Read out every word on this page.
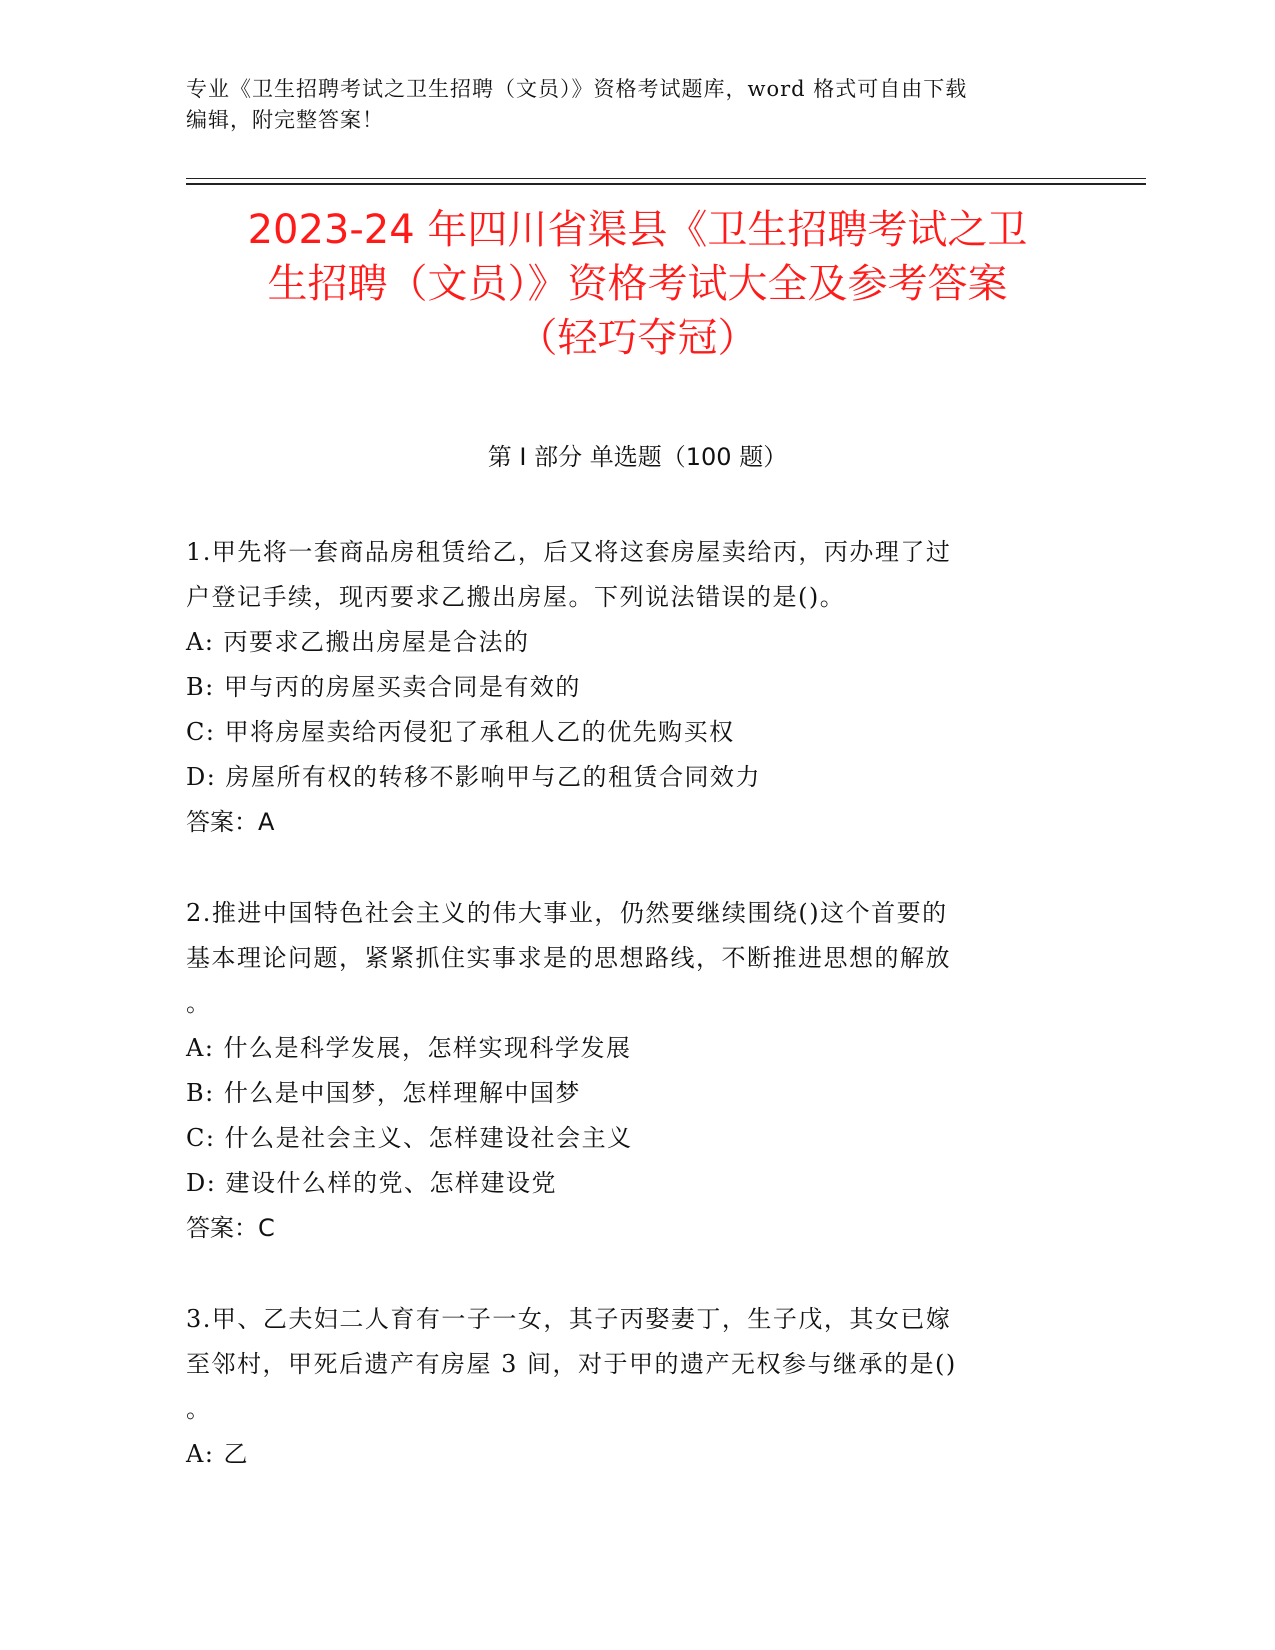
专业《卫生招聘考试之卫生招聘（文员）》资格考试题库，word 格式可自由下载
编辑，附完整答案！
2023-24 年四川省渠县《卫生招聘考试之卫
生招聘（文员）》资格考试大全及参考答案
（轻巧夺冠）
第 I 部分 单选题（100 题）
1.甲先将一套商品房租赁给乙，后又将这套房屋卖给丙，丙办理了过
户登记手续，现丙要求乙搬出房屋。下列说法错误的是()。
A: 丙要求乙搬出房屋是合法的
B: 甲与丙的房屋买卖合同是有效的
C: 甲将房屋卖给丙侵犯了承租人乙的优先购买权
D: 房屋所有权的转移不影响甲与乙的租赁合同效力
答案：A
2.推进中国特色社会主义的伟大事业，仍然要继续围绕()这个首要的
基本理论问题，紧紧抓住实事求是的思想路线，不断推进思想的解放
。
A: 什么是科学发展，怎样实现科学发展
B: 什么是中国梦，怎样理解中国梦
C: 什么是社会主义、怎样建设社会主义
D: 建设什么样的党、怎样建设党
答案：C
3.甲、乙夫妇二人育有一子一女，其子丙娶妻丁，生子戊，其女已嫁
至邻村，甲死后遗产有房屋 3 间，对于甲的遗产无权参与继承的是()
。
A: 乙
